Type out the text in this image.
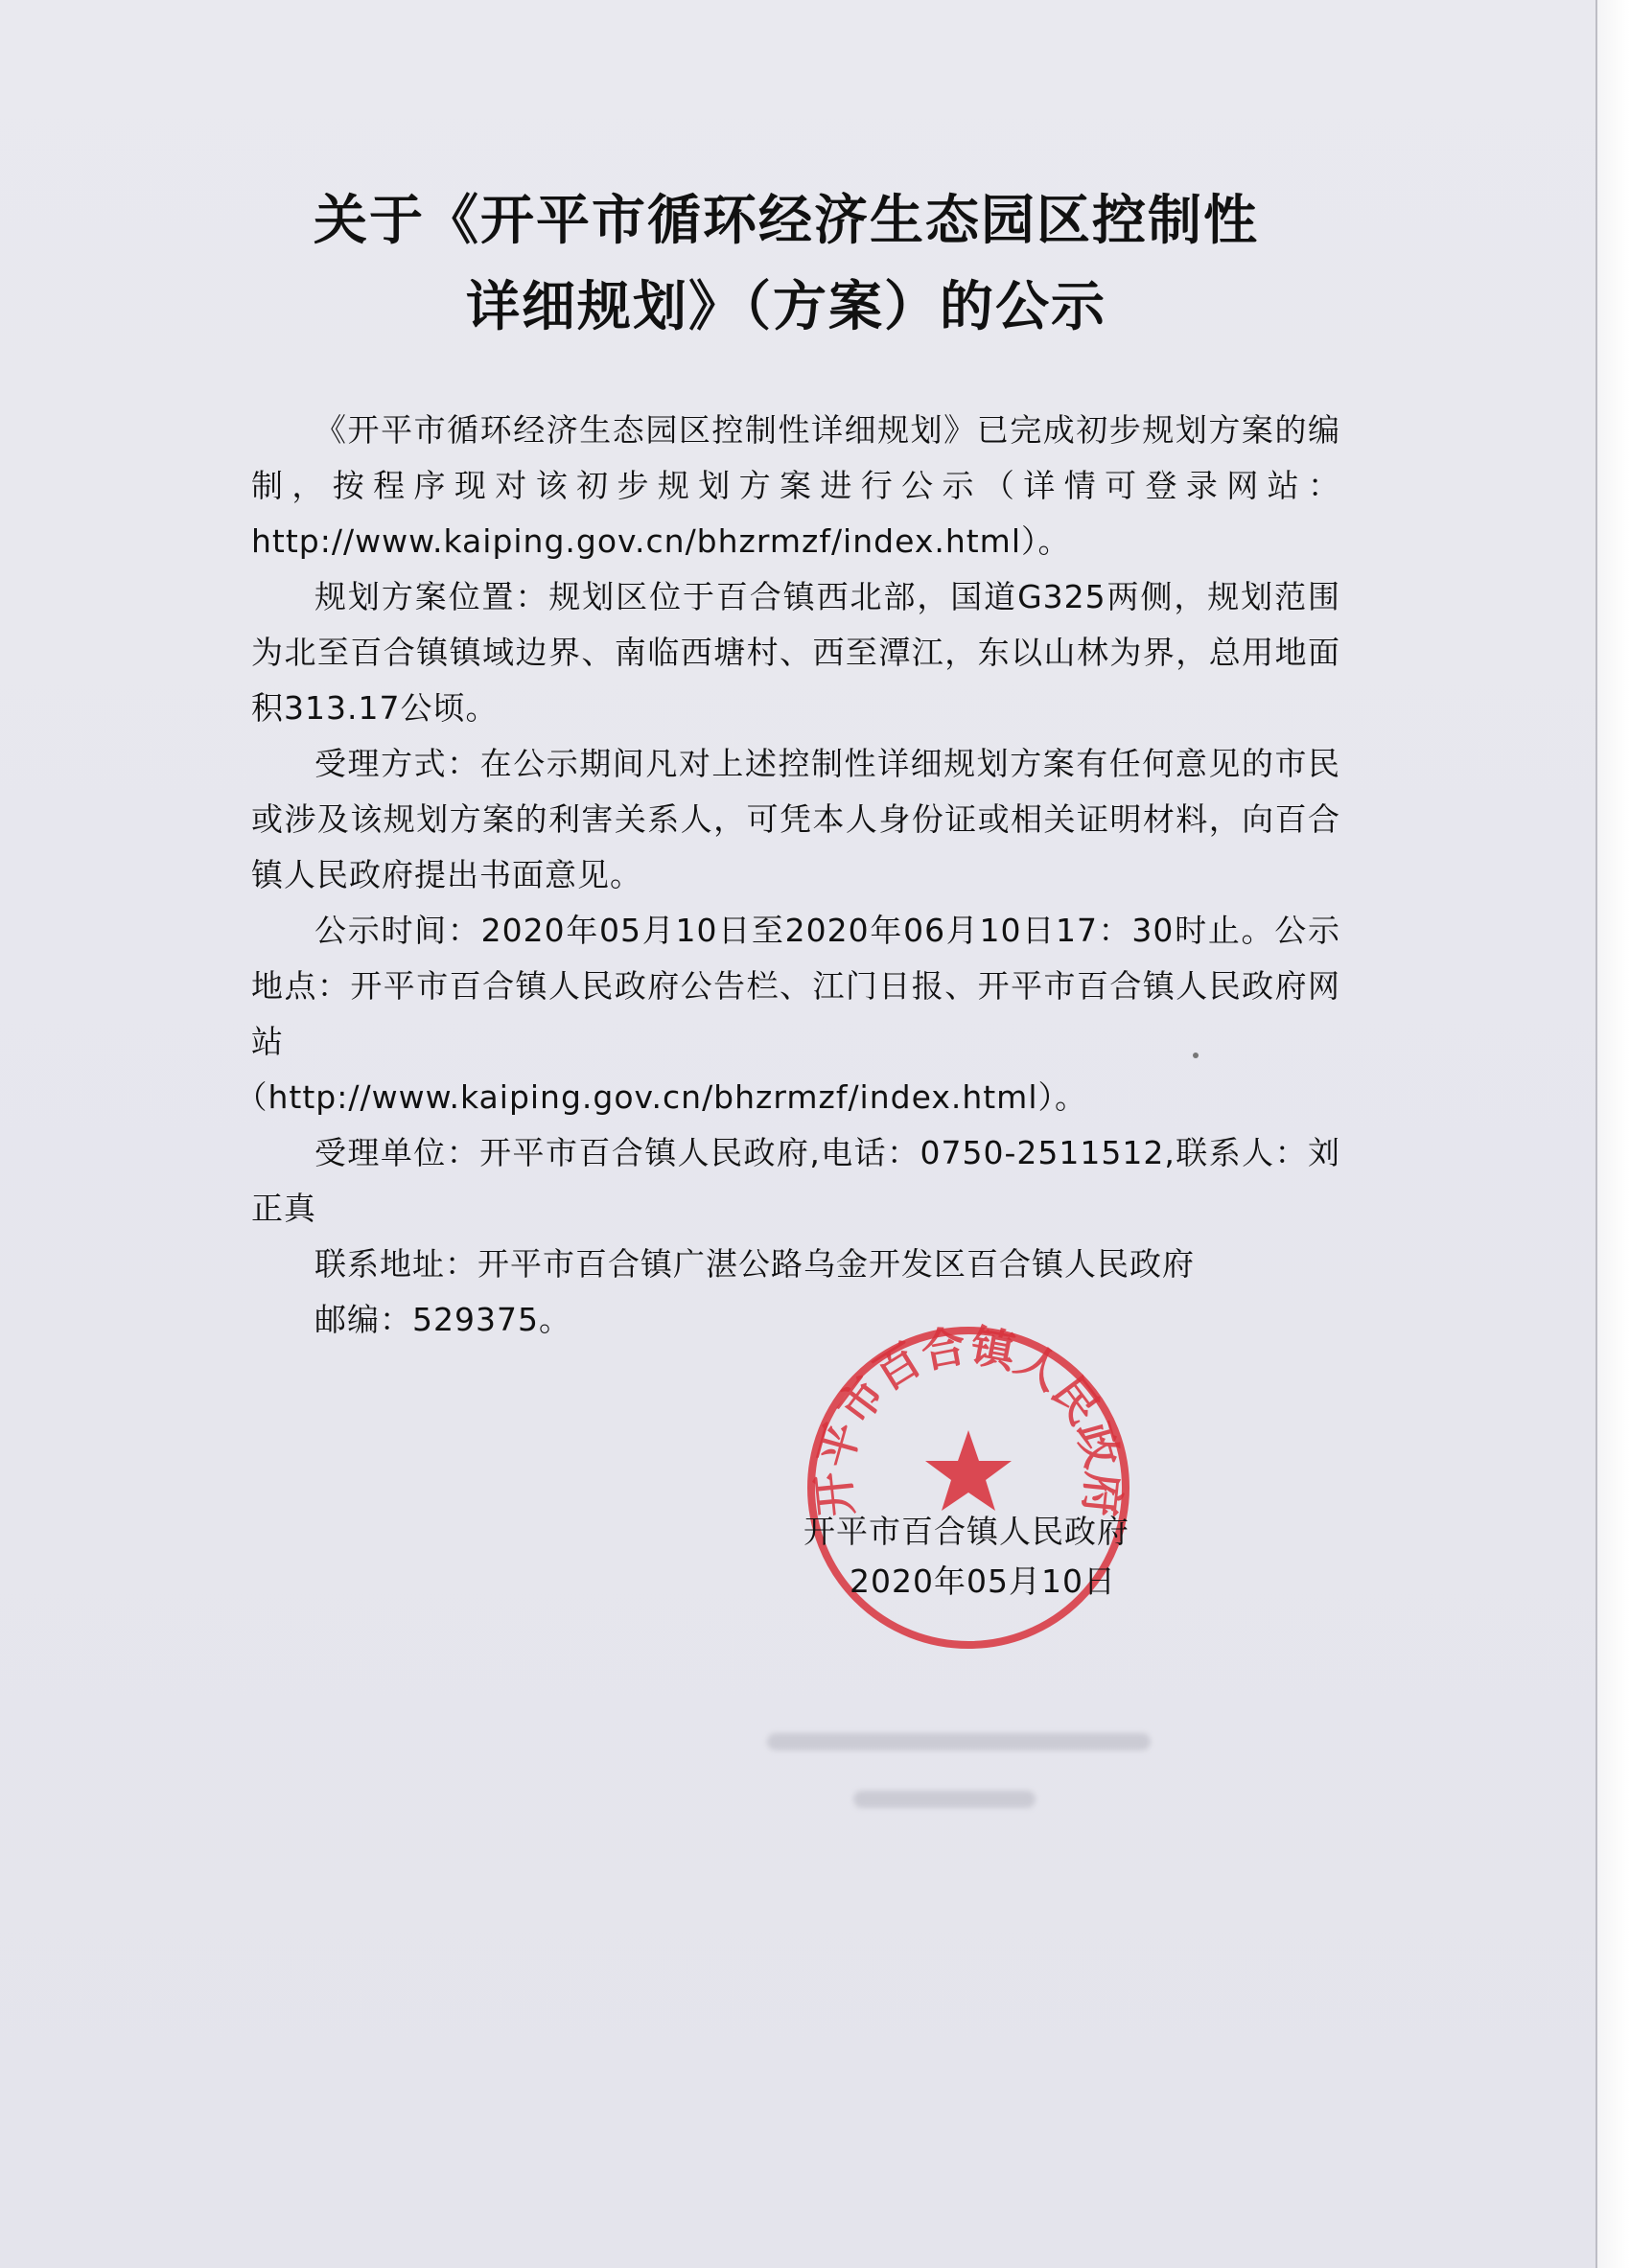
关于《开平市循环经济生态园区控制性
详细规划》（方案）的公示

《开平市循环经济生态园区控制性详细规划》已完成初步规划方案的编制，按程序现对该初步规划方案进行公示（详情可登录网站：http://www.kaiping.gov.cn/bhzrmzf/index.html）。

规划方案位置：规划区位于百合镇西北部，国道G325两侧，规划范围为北至百合镇镇域边界、南临西塘村、西至潭江，东以山林为界，总用地面积313.17公顷。

受理方式：在公示期间凡对上述控制性详细规划方案有任何意见的市民或涉及该规划方案的利害关系人，可凭本人身份证或相关证明材料，向百合镇人民政府提出书面意见。

公示时间：2020年05月10日至2020年06月10日17：30时止。公示地点：开平市百合镇人民政府公告栏、江门日报、开平市百合镇人民政府网站

（http://www.kaiping.gov.cn/bhzrmzf/index.html）。

受理单位：开平市百合镇人民政府,电话：0750-2511512,联系人：刘正真

联系地址：开平市百合镇广湛公路乌金开发区百合镇人民政府

邮编：529375。

开平市百合镇人民政府
开平市百合镇人民政府
2020年05月10日
